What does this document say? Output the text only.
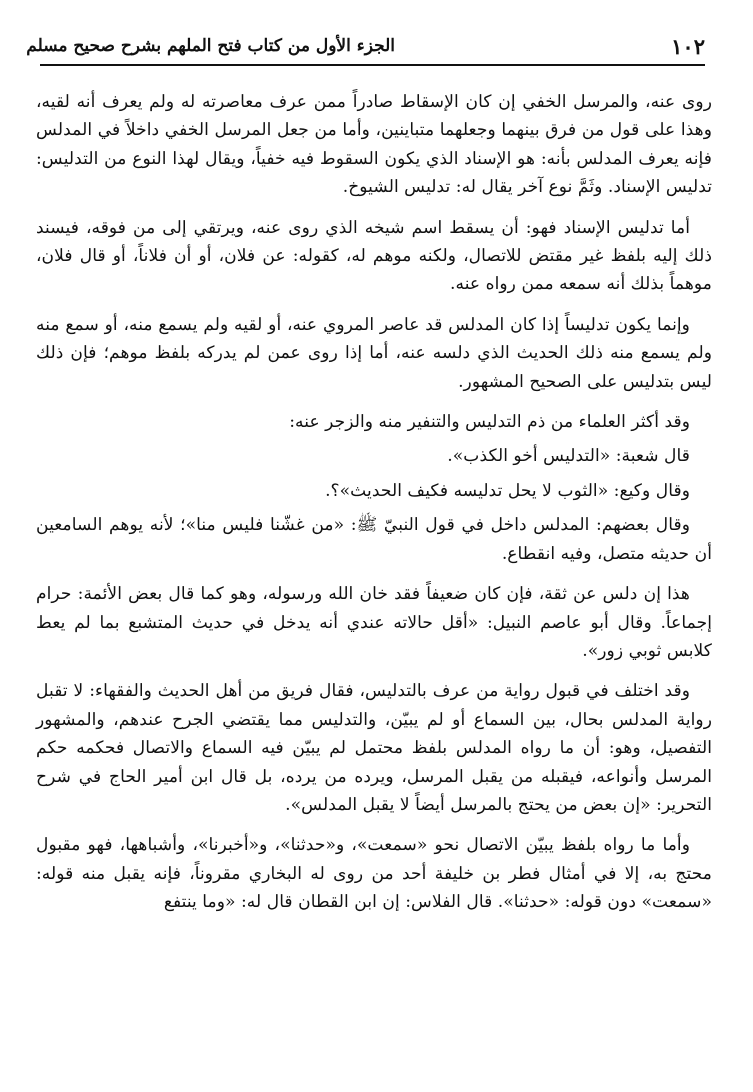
١٠٢
الجزء الأول من كتاب فتح الملهم بشرح صحيح مسلم

روى عنه، والمرسل الخفي إن كان الإسقاط صادراً ممن عرف معاصرته له ولم يعرف أنه لقيه، وهذا على قول من فرق بينهما وجعلهما متباينين، وأما من جعل المرسل الخفي داخلاً في المدلس فإنه يعرف المدلس بأنه: هو الإسناد الذي يكون السقوط فيه خفياً، ويقال لهذا النوع من التدليس: تدليس الإسناد. وثَمَّ نوع آخر يقال له: تدليس الشيوخ.

أما تدليس الإسناد فهو: أن يسقط اسم شيخه الذي روى عنه، ويرتقي إلى من فوقه، فيسند ذلك إليه بلفظ غير مقتض للاتصال، ولكنه موهم له، كقوله: عن فلان، أو أن فلاناً، أو قال فلان، موهماً بذلك أنه سمعه ممن رواه عنه.

وإنما يكون تدليساً إذا كان المدلس قد عاصر المروي عنه، أو لقيه ولم يسمع منه، أو سمع منه ولم يسمع منه ذلك الحديث الذي دلسه عنه، أما إذا روى عمن لم يدركه بلفظ موهم؛ فإن ذلك ليس بتدليس على الصحيح المشهور.

وقد أكثر العلماء من ذم التدليس والتنفير منه والزجر عنه:

قال شعبة: «التدليس أخو الكذب».

وقال وكيع: «الثوب لا يحل تدليسه فكيف الحديث»؟.

وقال بعضهم: المدلس داخل في قول النبيّ ﷺ: «من غشّنا فليس منا»؛ لأنه يوهم السامعين أن حديثه متصل، وفيه انقطاع.

هذا إن دلس عن ثقة، فإن كان ضعيفاً فقد خان الله ورسوله، وهو كما قال بعض الأئمة: حرام إجماعاً. وقال أبو عاصم النبيل: «أقل حالاته عندي أنه يدخل في حديث المتشبع بما لم يعط كلابس ثوبي زور».

وقد اختلف في قبول رواية من عرف بالتدليس، فقال فريق من أهل الحديث والفقهاء: لا تقبل رواية المدلس بحال، بين السماع أو لم يبيّن، والتدليس مما يقتضي الجرح عندهم، والمشهور التفصيل، وهو: أن ما رواه المدلس بلفظ محتمل لم يبيّن فيه السماع والاتصال فحكمه حكم المرسل وأنواعه، فيقبله من يقبل المرسل، ويرده من يرده، بل قال ابن أمير الحاج في شرح التحرير: «إن بعض من يحتج بالمرسل أيضاً لا يقبل المدلس».

وأما ما رواه بلفظ يبيّن الاتصال نحو «سمعت»، و«حدثنا»، و«أخبرنا»، وأشباهها، فهو مقبول محتج به، إلا في أمثال فطر بن خليفة أحد من روى له البخاري مقروناً، فإنه يقبل منه قوله: «سمعت» دون قوله: «حدثنا». قال الفلاس: إن ابن القطان قال له: «وما ينتفع
